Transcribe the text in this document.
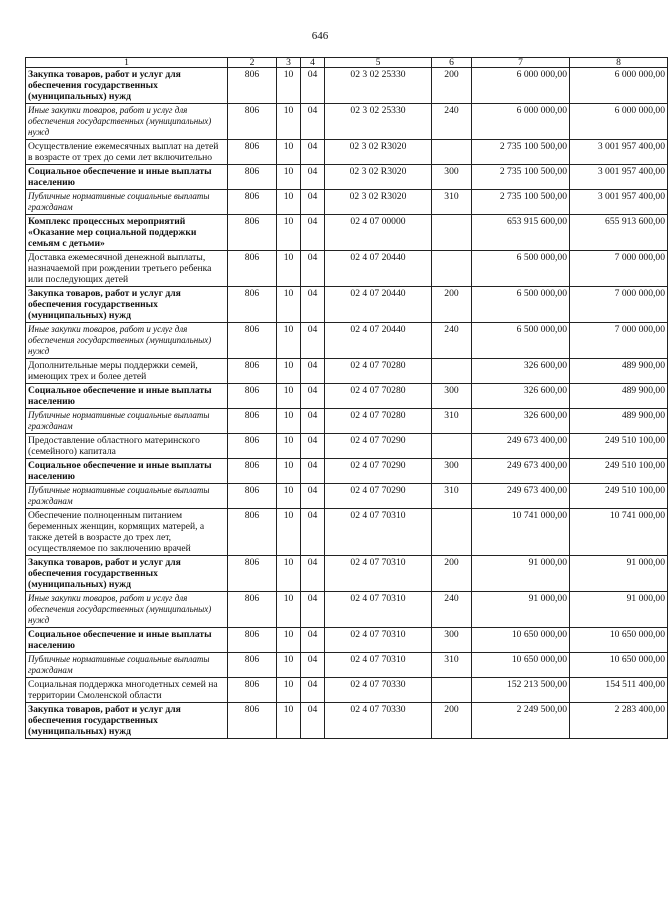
646
1	2	3	4	5	6	7	8
Закупка товаров, работ и услуг для обеспечения государственных (муниципальных) нужд	806	10	04	02 3 02 25330	200	6 000 000,00	6 000 000,00
Иные закупки товаров, работ и услуг для обеспечения государственных (муниципальных) нужд	806	10	04	02 3 02 25330	240	6 000 000,00	6 000 000,00
Осуществление ежемесячных выплат на детей в возрасте от трех до семи лет включительно	806	10	04	02 3 02 R3020		2 735 100 500,00	3 001 957 400,00
Социальное обеспечение и иные выплаты населению	806	10	04	02 3 02 R3020	300	2 735 100 500,00	3 001 957 400,00
Публичные нормативные социальные выплаты гражданам	806	10	04	02 3 02 R3020	310	2 735 100 500,00	3 001 957 400,00
Комплекс процессных мероприятий «Оказание мер социальной поддержки семьям с детьми»	806	10	04	02 4 07 00000		653 915 600,00	655 913 600,00
Доставка ежемесячной денежной выплаты, назначаемой при рождении третьего ребенка или последующих детей	806	10	04	02 4 07 20440		6 500 000,00	7 000 000,00
Закупка товаров, работ и услуг для обеспечения государственных (муниципальных) нужд	806	10	04	02 4 07 20440	200	6 500 000,00	7 000 000,00
Иные закупки товаров, работ и услуг для обеспечения государственных (муниципальных) нужд	806	10	04	02 4 07 20440	240	6 500 000,00	7 000 000,00
Дополнительные меры поддержки семей, имеющих трех и более детей	806	10	04	02 4 07 70280		326 600,00	489 900,00
Социальное обеспечение и иные выплаты населению	806	10	04	02 4 07 70280	300	326 600,00	489 900,00
Публичные нормативные социальные выплаты гражданам	806	10	04	02 4 07 70280	310	326 600,00	489 900,00
Предоставление областного материнского (семейного) капитала	806	10	04	02 4 07 70290		249 673 400,00	249 510 100,00
Социальное обеспечение и иные выплаты населению	806	10	04	02 4 07 70290	300	249 673 400,00	249 510 100,00
Публичные нормативные социальные выплаты гражданам	806	10	04	02 4 07 70290	310	249 673 400,00	249 510 100,00
Обеспечение полноценным питанием беременных женщин, кормящих матерей, а также детей в возрасте до трех лет, осуществляемое по заключению врачей	806	10	04	02 4 07 70310		10 741 000,00	10 741 000,00
Закупка товаров, работ и услуг для обеспечения государственных (муниципальных) нужд	806	10	04	02 4 07 70310	200	91 000,00	91 000,00
Иные закупки товаров, работ и услуг для обеспечения государственных (муниципальных) нужд	806	10	04	02 4 07 70310	240	91 000,00	91 000,00
Социальное обеспечение и иные выплаты населению	806	10	04	02 4 07 70310	300	10 650 000,00	10 650 000,00
Публичные нормативные социальные выплаты гражданам	806	10	04	02 4 07 70310	310	10 650 000,00	10 650 000,00
Социальная поддержка многодетных семей на территории Смоленской области	806	10	04	02 4 07 70330		152 213 500,00	154 511 400,00
Закупка товаров, работ и услуг для обеспечения государственных (муниципальных) нужд	806	10	04	02 4 07 70330	200	2 249 500,00	2 283 400,00
